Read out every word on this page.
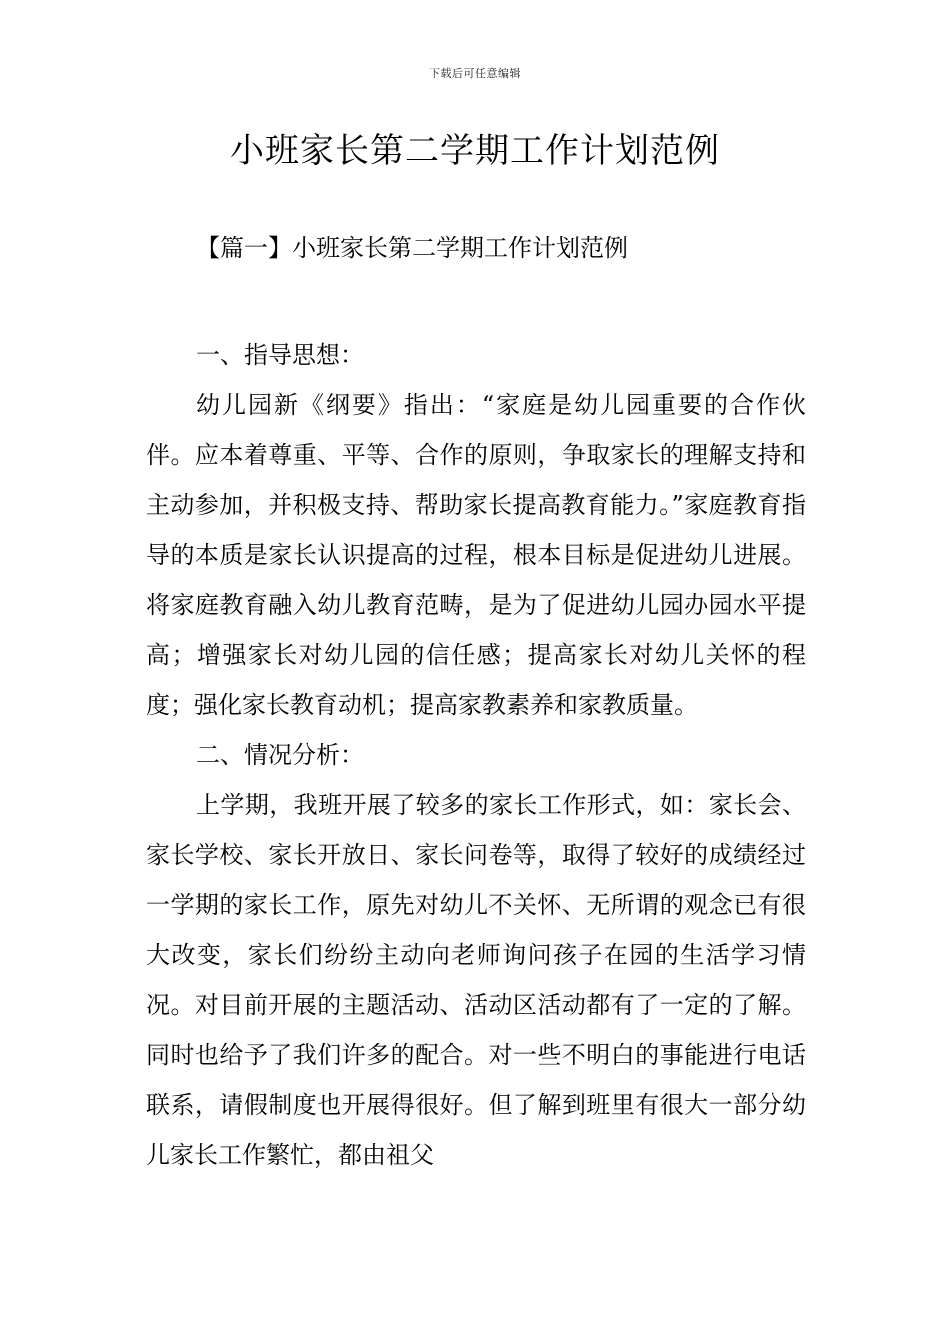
下载后可任意编辑
小班家长第二学期工作计划范例
【篇一】小班家长第二学期工作计划范例

一、指导思想：

幼儿园新《纲要》指出：“家庭是幼儿园重要的合作伙伴。应本着尊重、平等、合作的原则，争取家长的理解支持和主动参加，并积极支持、帮助家长提高教育能力。”家庭教育指导的本质是家长认识提高的过程，根本目标是促进幼儿进展。将家庭教育融入幼儿教育范畴，是为了促进幼儿园办园水平提高；增强家长对幼儿园的信任感；提高家长对幼儿关怀的程度；强化家长教育动机；提高家教素养和家教质量。

二、情况分析：

上学期，我班开展了较多的家长工作形式，如：家长会、家长学校、家长开放日、家长问卷等，取得了较好的成绩经过一学期的家长工作，原先对幼儿不关怀、无所谓的观念已有很大改变，家长们纷纷主动向老师询问孩子在园的生活学习情况。对目前开展的主题活动、活动区活动都有了一定的了解。同时也给予了我们许多的配合。对一些不明白的事能进行电话联系，请假制度也开展得很好。但了解到班里有很大一部分幼儿家长工作繁忙，都由祖父
